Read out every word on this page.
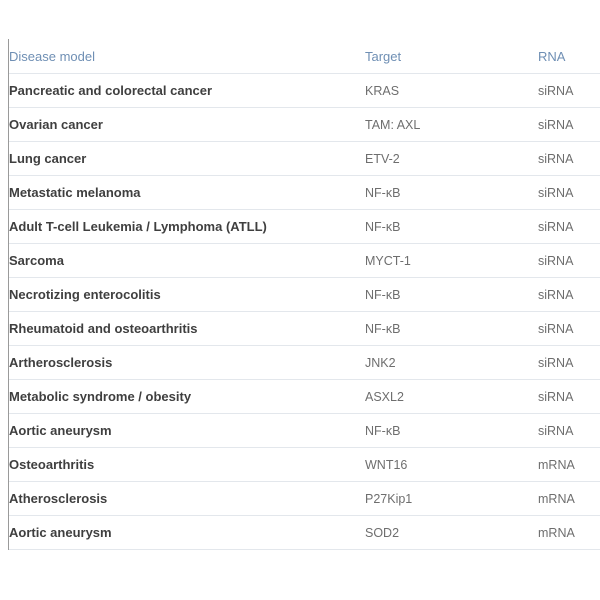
Disease model	Target	RNA
Pancreatic and colorectal cancer	KRAS	siRNA
Ovarian cancer	TAM: AXL	siRNA
Lung cancer	ETV-2	siRNA
Metastatic melanoma	NF-κB	siRNA
Adult T-cell Leukemia / Lymphoma (ATLL)	NF-κB	siRNA
Sarcoma	MYCT-1	siRNA
Necrotizing enterocolitis	NF-κB	siRNA
Rheumatoid and osteoarthritis	NF-κB	siRNA
Artherosclerosis	JNK2	siRNA
Metabolic syndrome / obesity	ASXL2	siRNA
Aortic aneurysm	NF-κB	siRNA
Osteoarthritis	WNT16	mRNA
Atherosclerosis	P27Kip1	mRNA
Aortic aneurysm	SOD2	mRNA
